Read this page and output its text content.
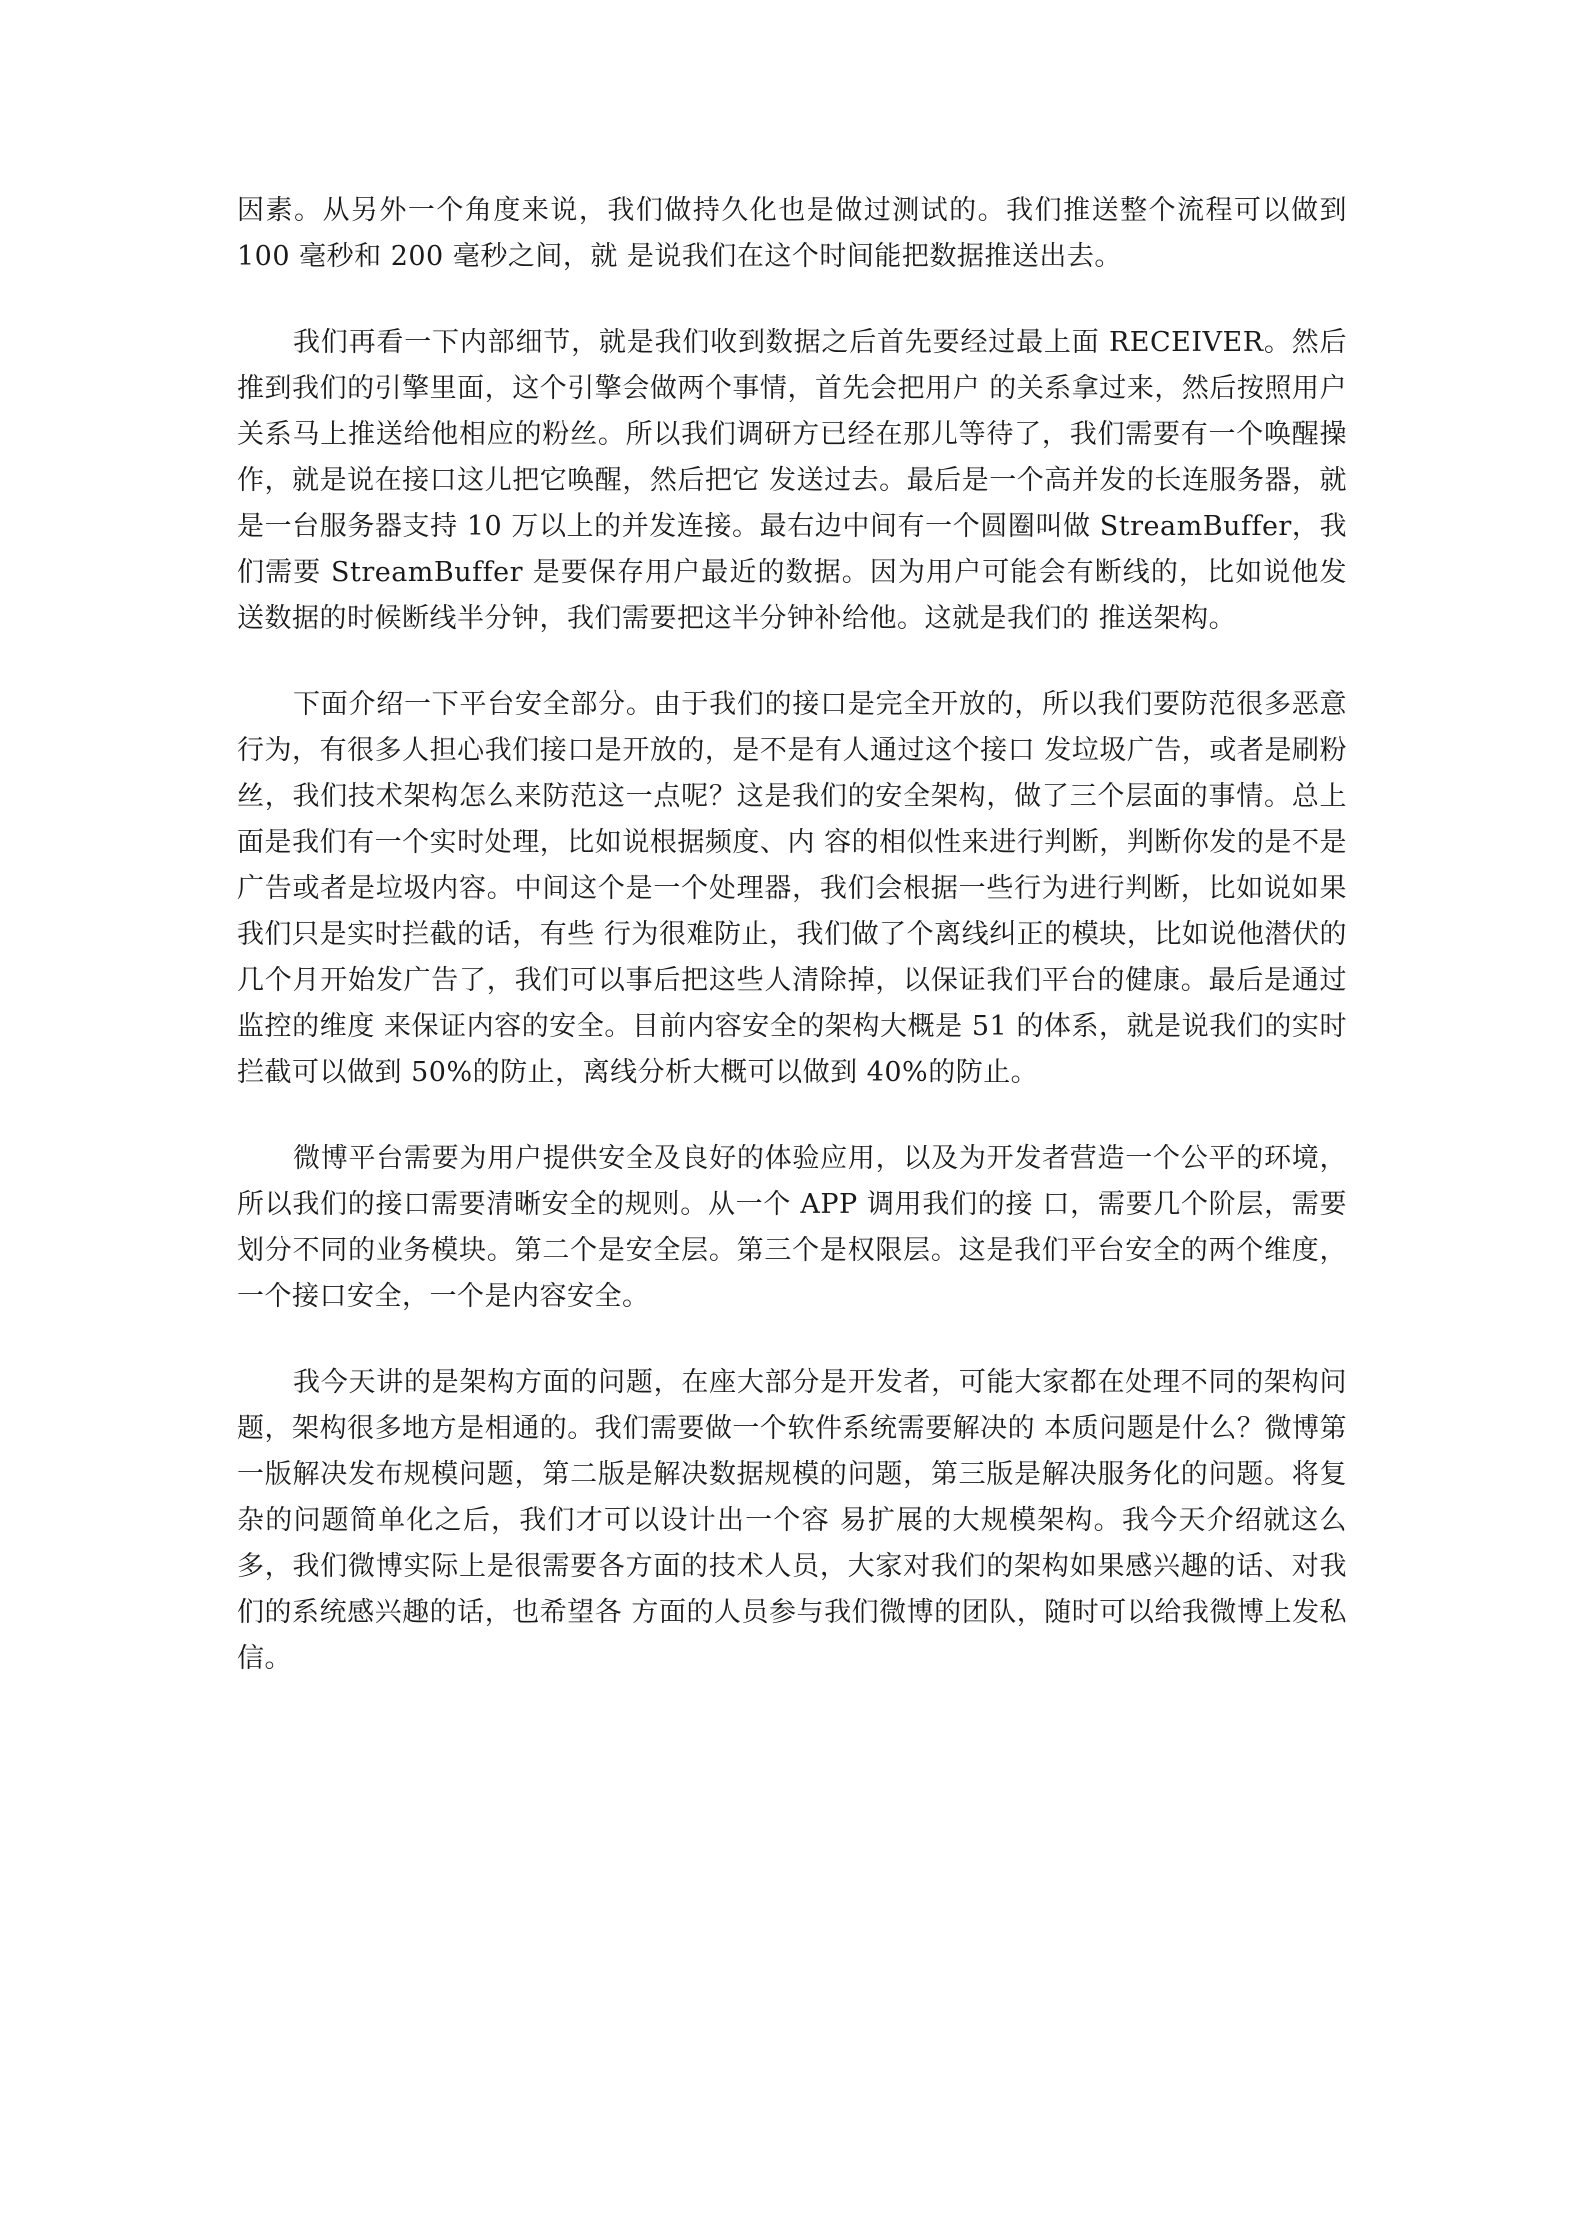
因素。从另外一个角度来说，我们做持久化也是做过测试的。我们推送整个流程可以做到 100 毫秒和 200 毫秒之间，就 是说我们在这个时间能把数据推送出去。

我们再看一下内部细节，就是我们收到数据之后首先要经过最上面 RECEIVER。然后推到我们的引擎里面，这个引擎会做两个事情，首先会把用户 的关系拿过来，然后按照用户关系马上推送给他相应的粉丝。所以我们调研方已经在那儿等待了，我们需要有一个唤醒操作，就是说在接口这儿把它唤醒，然后把它 发送过去。最后是一个高并发的长连服务器，就是一台服务器支持 10 万以上的并发连接。最右边中间有一个圆圈叫做 StreamBuffer，我们需要 StreamBuffer 是要保存用户最近的数据。因为用户可能会有断线的，比如说他发送数据的时候断线半分钟，我们需要把这半分钟补给他。这就是我们的 推送架构。

下面介绍一下平台安全部分。由于我们的接口是完全开放的，所以我们要防范很多恶意行为，有很多人担心我们接口是开放的，是不是有人通过这个接口 发垃圾广告，或者是刷粉丝，我们技术架构怎么来防范这一点呢？这是我们的安全架构，做了三个层面的事情。总上面是我们有一个实时处理，比如说根据频度、内 容的相似性来进行判断，判断你发的是不是广告或者是垃圾内容。中间这个是一个处理器，我们会根据一些行为进行判断，比如说如果我们只是实时拦截的话，有些 行为很难防止，我们做了个离线纠正的模块，比如说他潜伏的几个月开始发广告了，我们可以事后把这些人清除掉，以保证我们平台的健康。最后是通过监控的维度 来保证内容的安全。目前内容安全的架构大概是 51 的体系，就是说我们的实时拦截可以做到 50%的防止，离线分析大概可以做到 40%的防止。

微博平台需要为用户提供安全及良好的体验应用，以及为开发者营造一个公平的环境，所以我们的接口需要清晰安全的规则。从一个 APP 调用我们的接 口，需要几个阶层，需要划分不同的业务模块。第二个是安全层。第三个是权限层。这是我们平台安全的两个维度，一个接口安全，一个是内容安全。

我今天讲的是架构方面的问题，在座大部分是开发者，可能大家都在处理不同的架构问题，架构很多地方是相通的。我们需要做一个软件系统需要解决的 本质问题是什么？微博第一版解决发布规模问题，第二版是解决数据规模的问题，第三版是解决服务化的问题。将复杂的问题简单化之后，我们才可以设计出一个容 易扩展的大规模架构。我今天介绍就这么多，我们微博实际上是很需要各方面的技术人员，大家对我们的架构如果感兴趣的话、对我们的系统感兴趣的话，也希望各 方面的人员参与我们微博的团队，随时可以给我微博上发私信。
